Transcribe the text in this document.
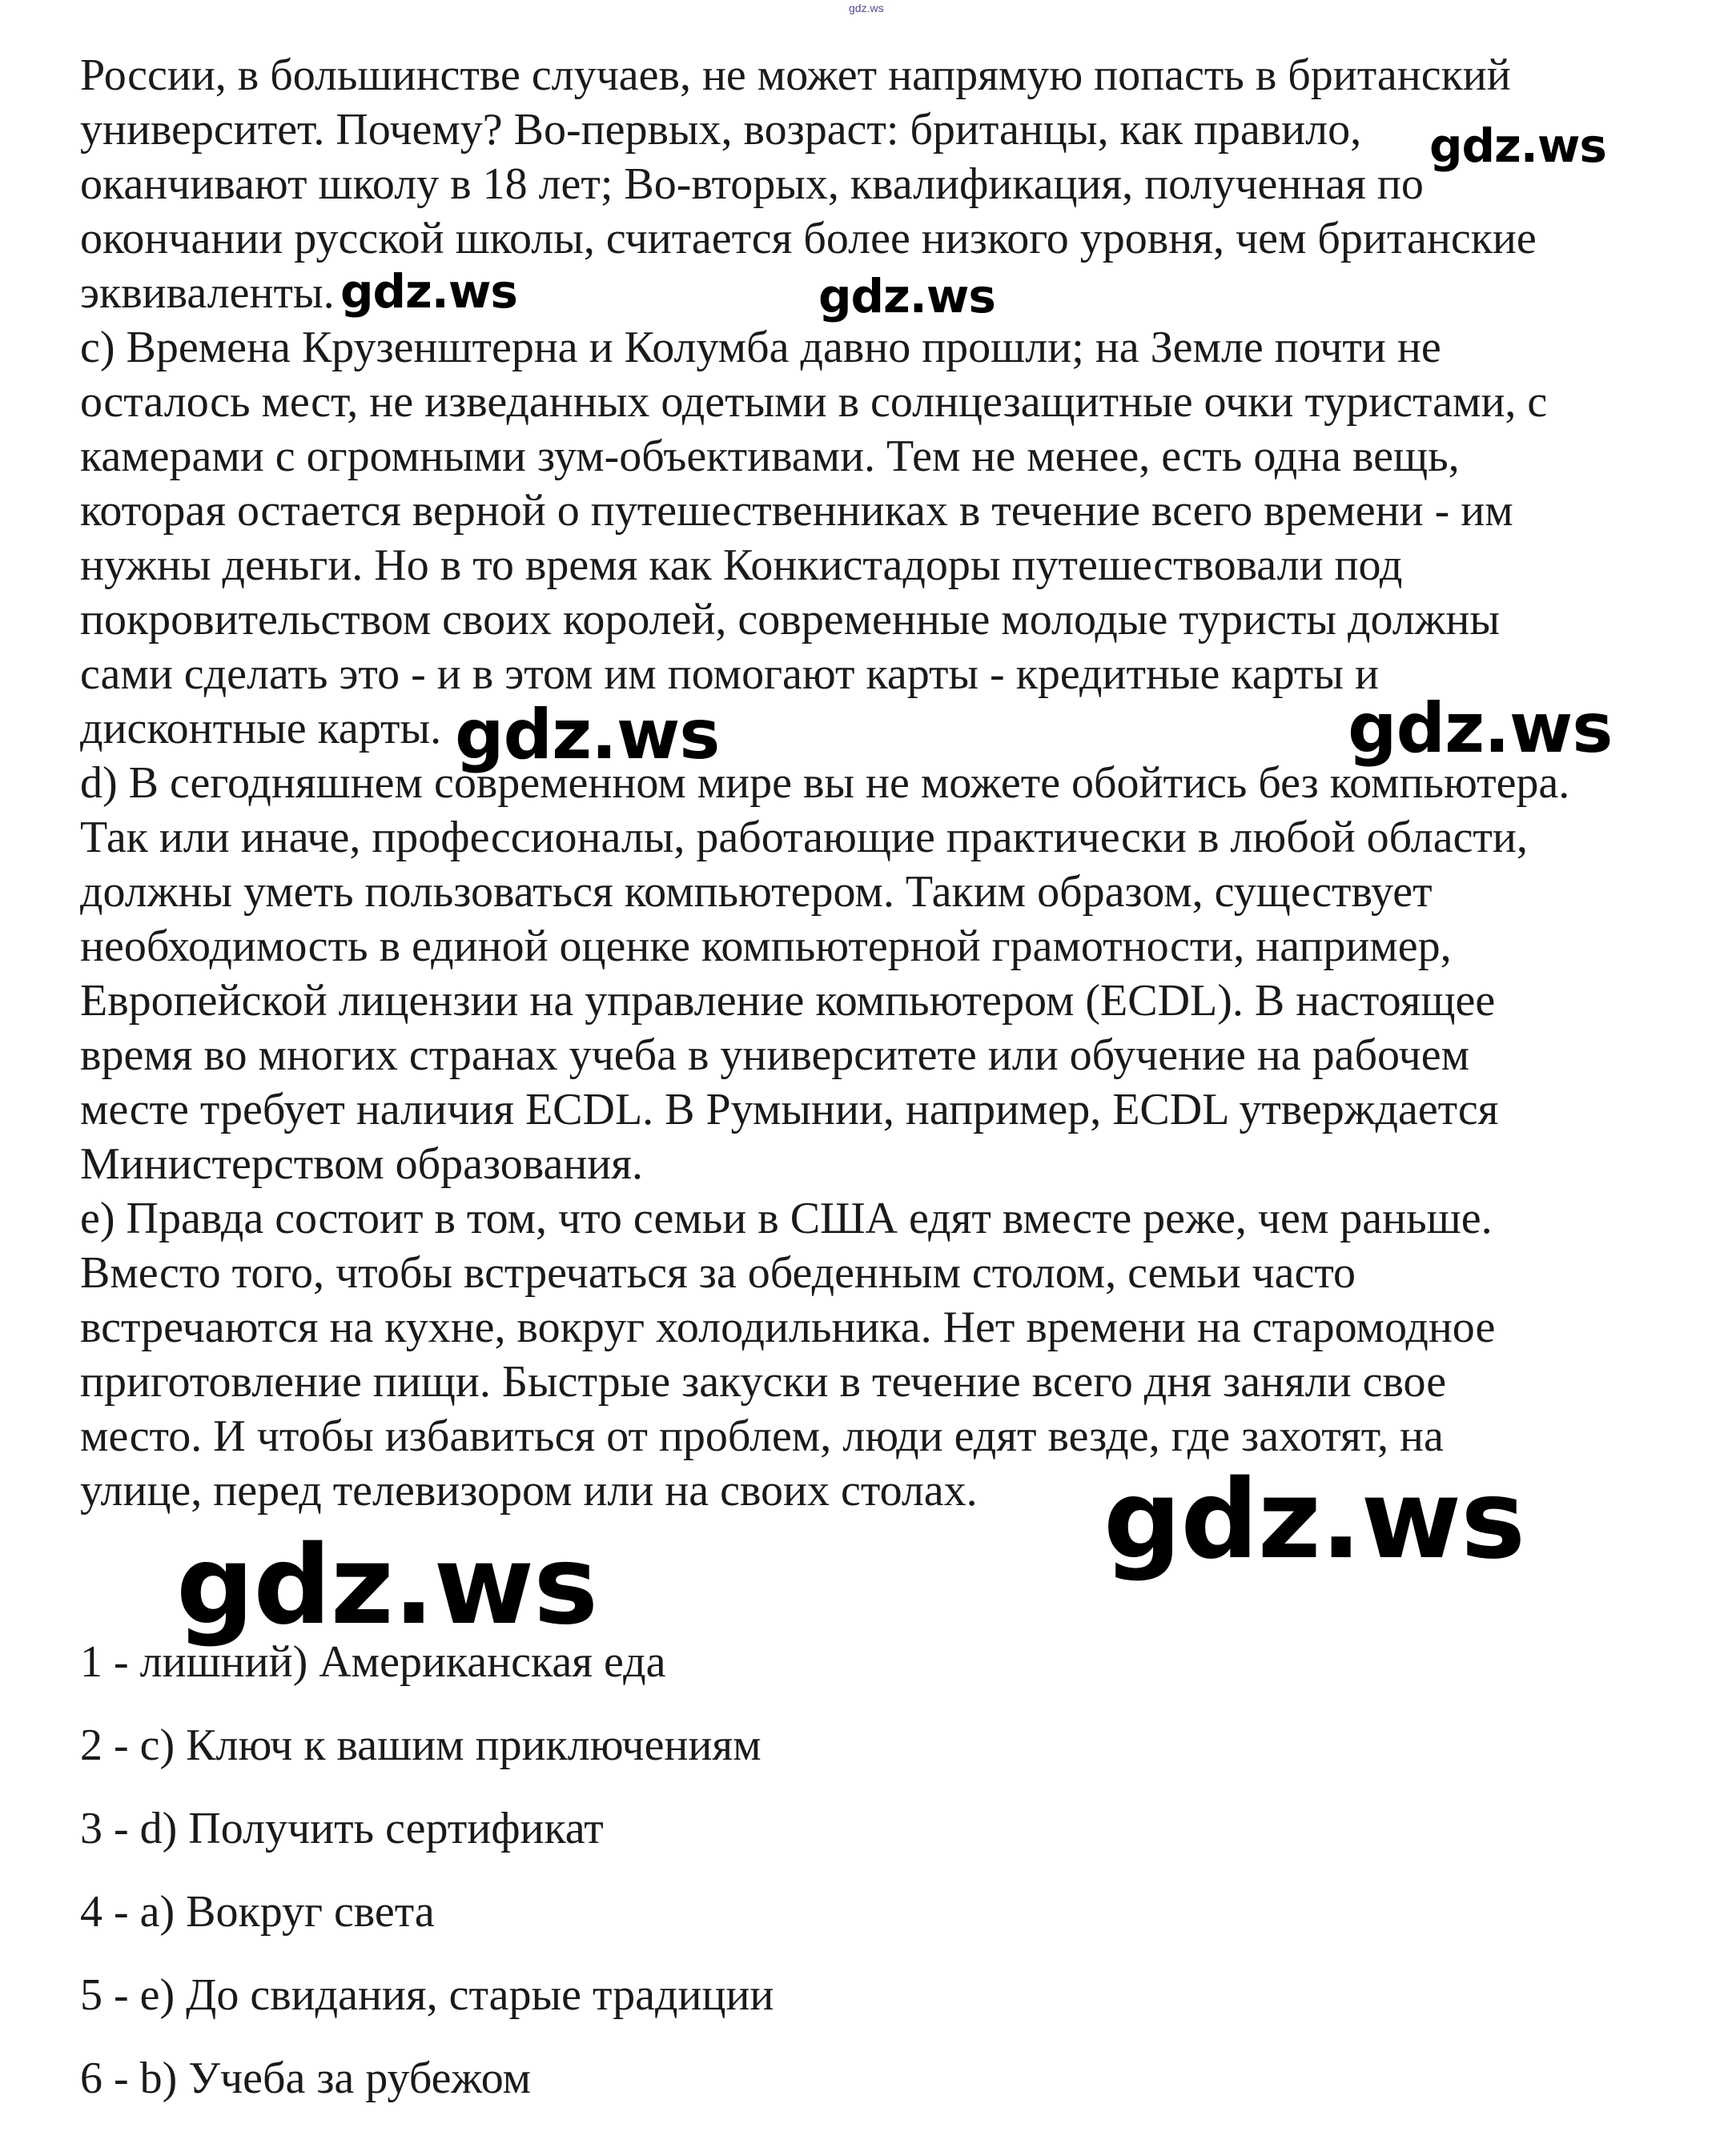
gdz.ws
России, в большинстве случаев, не может напрямую попасть в британский
университет. Почему? Во-первых, возраст: британцы, как правило,
оканчивают школу в 18 лет; Во-вторых, квалификация, полученная по
окончании русской школы, считается более низкого уровня, чем британские
эквиваленты.
c) Времена Крузенштерна и Колумба давно прошли; на Земле почти не
осталось мест, не изведанных одетыми в солнцезащитные очки туристами, с
камерами с огромными зум-объективами. Тем не менее, есть одна вещь,
которая остается верной о путешественниках в течение всего времени - им
нужны деньги. Но в то время как Конкистадоры путешествовали под
покровительством своих королей, современные молодые туристы должны
сами сделать это - и в этом им помогают карты - кредитные карты и
дисконтные карты.
d) В сегодняшнем современном мире вы не можете обойтись без компьютера.
Так или иначе, профессионалы, работающие практически в любой области,
должны уметь пользоваться компьютером. Таким образом, существует
необходимость в единой оценке компьютерной грамотности, например,
Европейской лицензии на управление компьютером (ECDL). В настоящее
время во многих странах учеба в университете или обучение на рабочем
месте требует наличия ECDL. В Румынии, например, ECDL утверждается
Министерством образования.
e) Правда состоит в том, что семьи в США едят вместе реже, чем раньше.
Вместо того, чтобы встречаться за обеденным столом, семьи часто
встречаются на кухне, вокруг холодильника. Нет времени на старомодное
приготовление пищи. Быстрые закуски в течение всего дня заняли свое
место. И чтобы избавиться от проблем, люди едят везде, где захотят, на
улице, перед телевизором или на своих столах.
1 - лишний) Американская еда
2 - c) Ключ к вашим приключениям
3 - d) Получить сертификат
4 - a) Вокруг света
5 - e) До свидания, старые традиции
6 - b) Учеба за рубежом
gdz.ws
gdz.ws	gdz.ws
gdz.ws	gdz.ws
gdz.ws
gdz.ws
